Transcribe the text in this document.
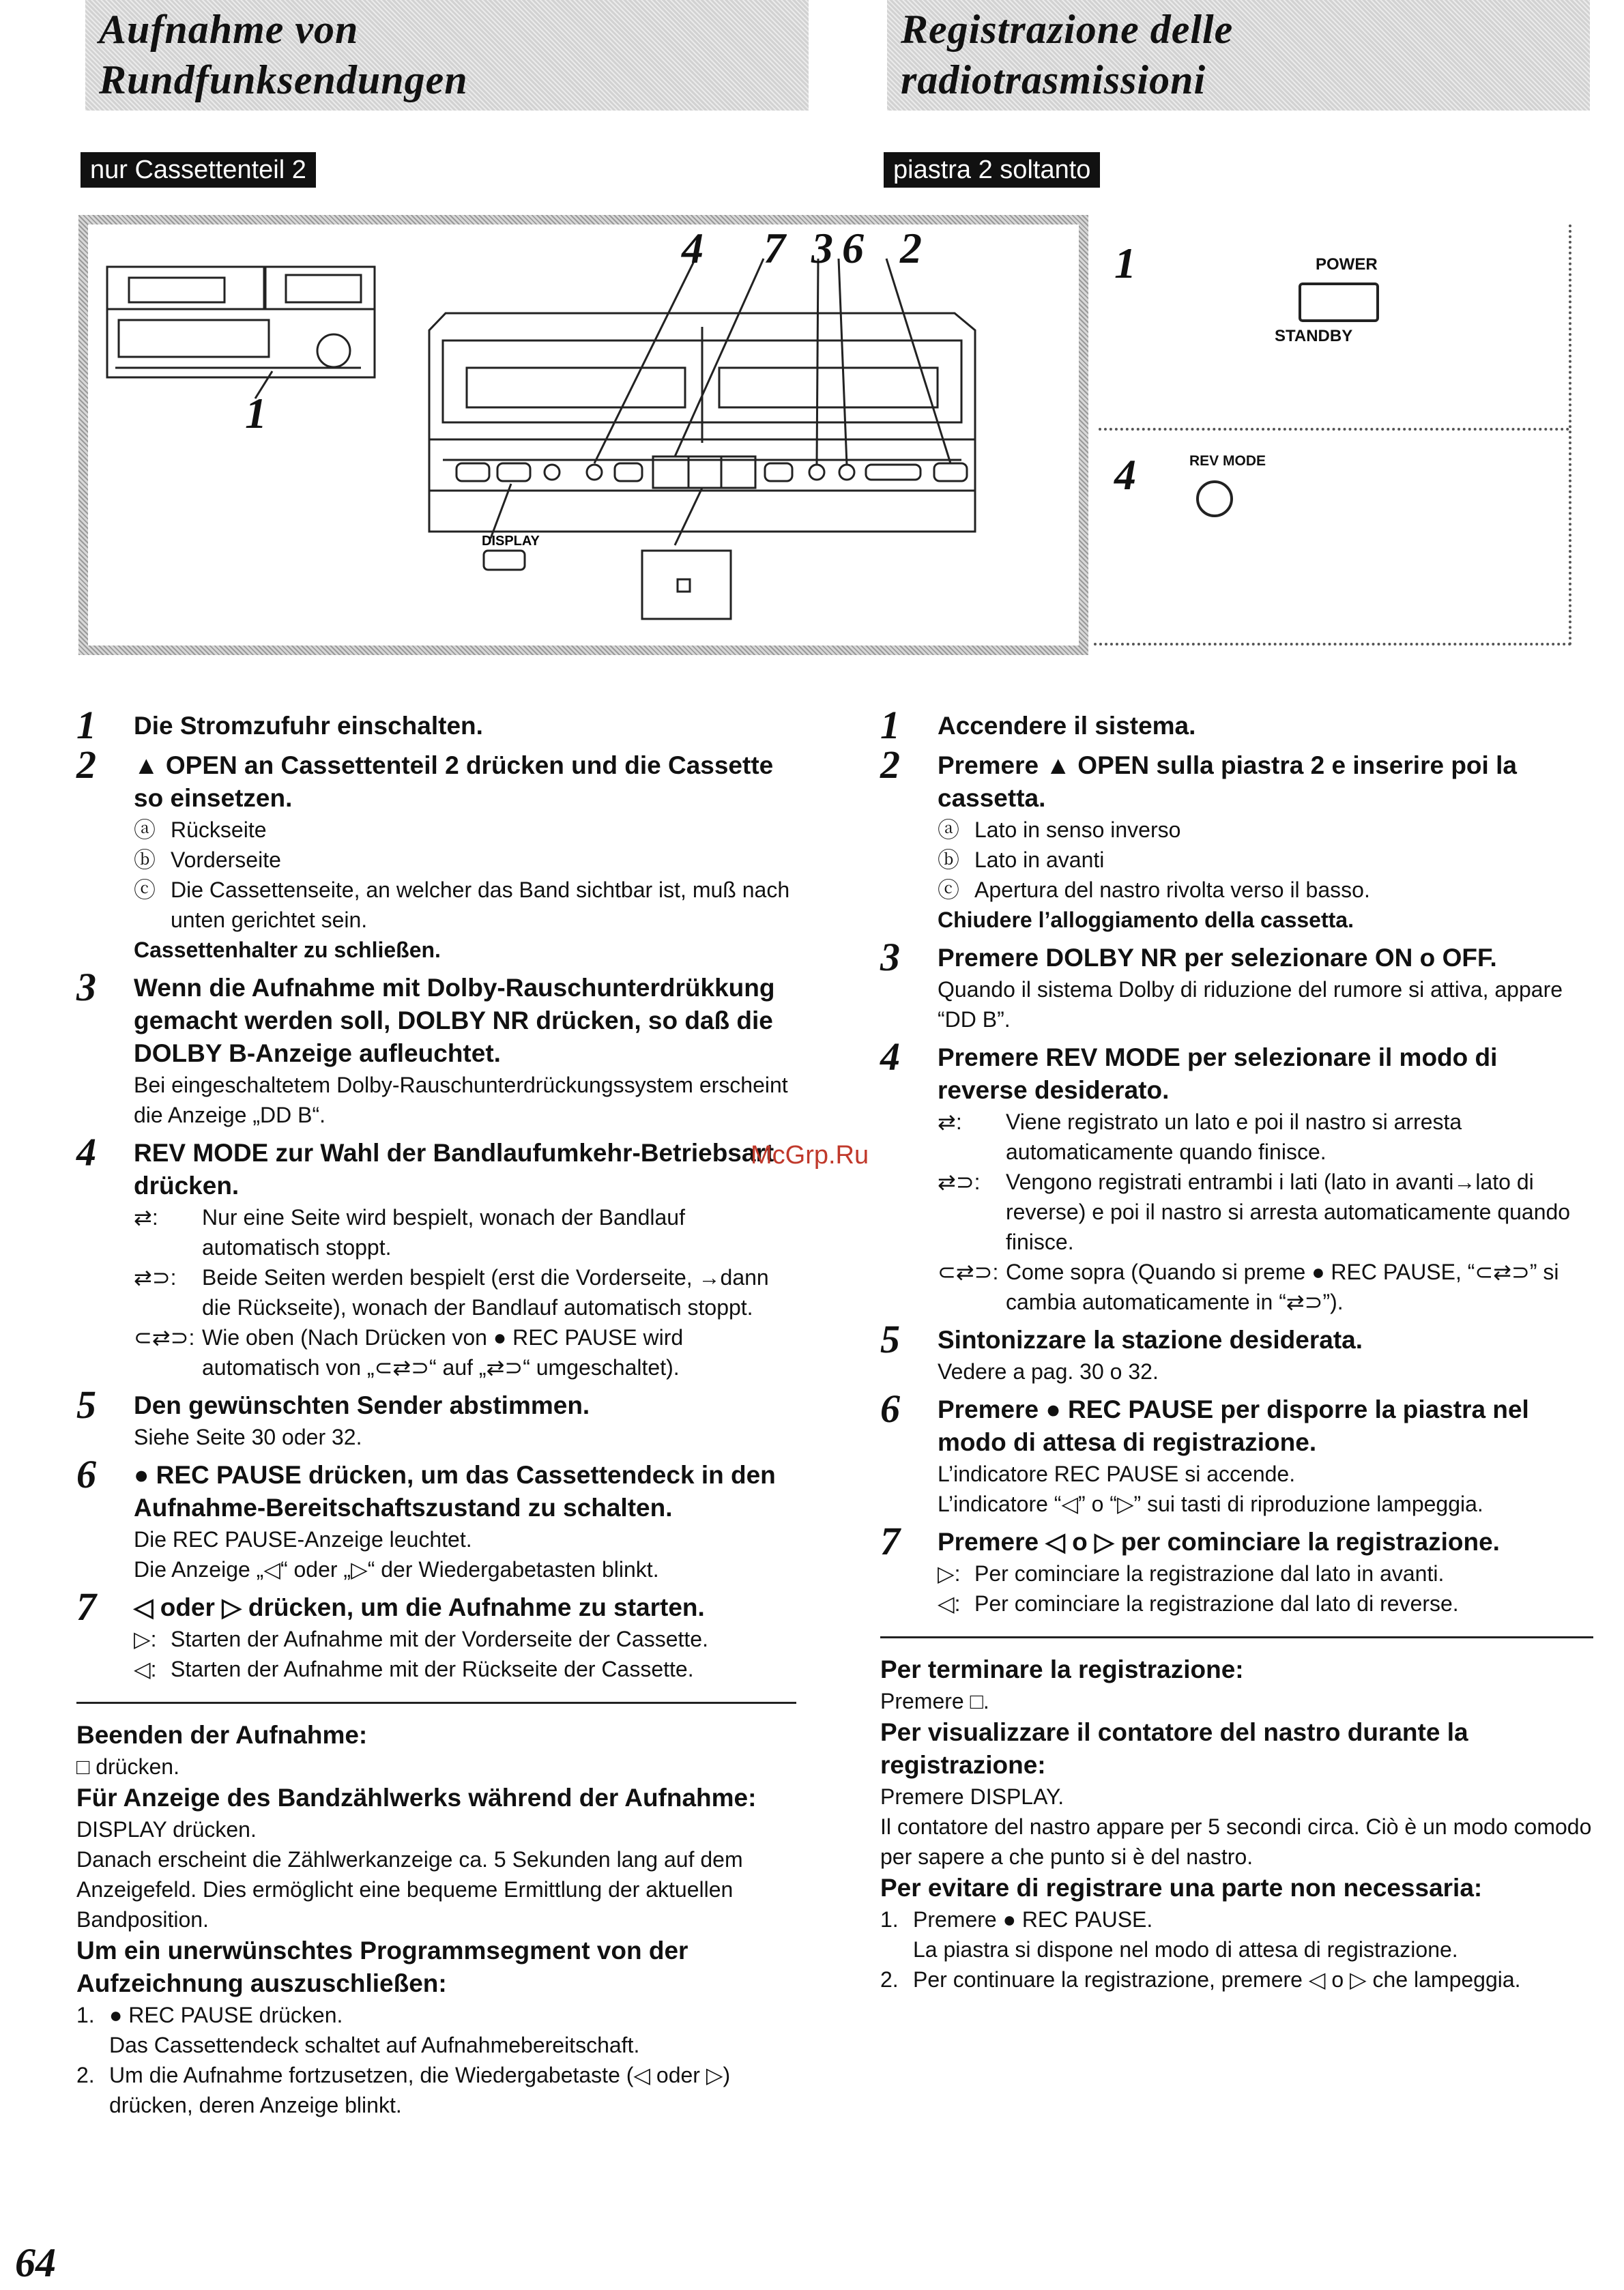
Aufnahme von
Rundfunksendungen
Registrazione delle
radiotrasmissioni
nur Cassettenteil 2	piastra 2 soltanto
DISPLAY
4 7 3 6 2
1
1	POWER
STANDBY
4	REV MODE
1 Die Stromzufuhr einschalten.
2 ▲ OPEN an Cassettenteil 2 drücken und die Cassette so einsetzen.
ⓐ Rückseite
ⓑ Vorderseite
ⓒ Die Cassettenseite, an welcher das Band sichtbar ist, muß nach unten gerichtet sein.
Cassettenhalter zu schließen.
3 Wenn die Aufnahme mit Dolby-Rauschunterdrükkung gemacht werden soll, DOLBY NR drücken, so daß die DOLBY B-Anzeige aufleuchtet.
Bei eingeschaltetem Dolby-Rauschunterdrückungssystem erscheint die Anzeige „DD B“.
4 REV MODE zur Wahl der Bandlaufumkehr-Betriebsart drücken.
⇄:	Nur eine Seite wird bespielt, wonach der Bandlauf automatisch stoppt.
⇄⊃:	Beide Seiten werden bespielt (erst die Vorderseite, →dann die Rückseite), wonach der Bandlauf automatisch stoppt.
⊂⇄⊃: Wie oben (Nach Drücken von ● REC PAUSE wird automatisch von „⊂⇄⊃“ auf „⇄⊃“ umgeschaltet).
5 Den gewünschten Sender abstimmen.
Siehe Seite 30 oder 32.
6 ● REC PAUSE drücken, um das Cassettendeck in den Aufnahme-Bereitschaftszustand zu schalten.
Die REC PAUSE-Anzeige leuchtet.
Die Anzeige „◁“ oder „▷“ der Wiedergabetasten blinkt.
7 ◁ oder ▷ drücken, um die Aufnahme zu starten.
▷: Starten der Aufnahme mit der Vorderseite der Cassette.
◁: Starten der Aufnahme mit der Rückseite der Cassette.
Beenden der Aufnahme:
□ drücken.
Für Anzeige des Bandzählwerks während der Aufnahme:
DISPLAY drücken.
Danach erscheint die Zählwerkanzeige ca. 5 Sekunden lang auf dem Anzeigefeld. Dies ermöglicht eine bequeme Ermittlung der aktuellen Bandposition.
Um ein unerwünschtes Programmsegment von der Aufzeichnung auszuschließen:
1. ● REC PAUSE drücken.
Das Cassettendeck schaltet auf Aufnahmebereitschaft.
2. Um die Aufnahme fortzusetzen, die Wiedergabetaste (◁ oder ▷) drücken, deren Anzeige blinkt.
1 Accendere il sistema.
2 Premere ▲ OPEN sulla piastra 2 e inserire poi la cassetta.
ⓐ Lato in senso inverso
ⓑ Lato in avanti
ⓒ Apertura del nastro rivolta verso il basso.
Chiudere l’alloggiamento della cassetta.
3 Premere DOLBY NR per selezionare ON o OFF.
Quando il sistema Dolby di riduzione del rumore si attiva, appare “DD B”.
4 Premere REV MODE per selezionare il modo di reverse desiderato.
⇄:	Viene registrato un lato e poi il nastro si arresta automaticamente quando finisce.
⇄⊃:	Vengono registrati entrambi i lati (lato in avanti→lato di reverse) e poi il nastro si arresta automaticamente quando finisce.
⊂⇄⊃: Come sopra (Quando si preme ● REC PAUSE, “⊂⇄⊃” si cambia automaticamente in “⇄⊃”).
5 Sintonizzare la stazione desiderata.
Vedere a pag. 30 o 32.
6 Premere ● REC PAUSE per disporre la piastra nel modo di attesa di registrazione.
L’indicatore REC PAUSE si accende.
L’indicatore “◁” o “▷” sui tasti di riproduzione lampeggia.
7 Premere ◁ o ▷ per cominciare la registrazione.
▷: Per cominciare la registrazione dal lato in avanti.
◁: Per cominciare la registrazione dal lato di reverse.
Per terminare la registrazione:
Premere □.
Per visualizzare il contatore del nastro durante la registrazione:
Premere DISPLAY.
Il contatore del nastro appare per 5 secondi circa. Ciò è un modo comodo per sapere a che punto si è del nastro.
Per evitare di registrare una parte non necessaria:
1. Premere ● REC PAUSE.
La piastra si dispone nel modo di attesa di registrazione.
2. Per continuare la registrazione, premere ◁ o ▷ che lampeggia.
McGrp.Ru
64
